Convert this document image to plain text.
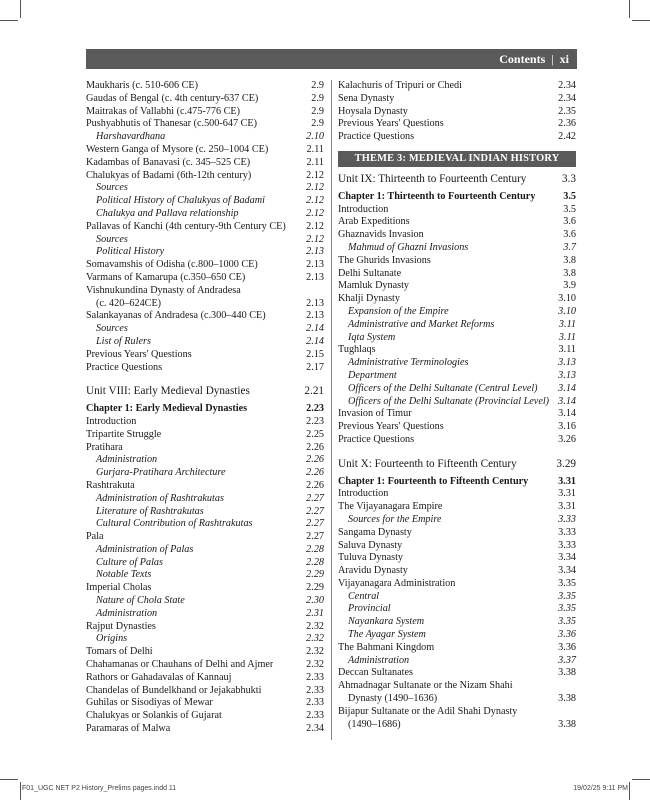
Contents | xi
Maukharis (c. 510-606 CE)	2.9
Gaudas of Bengal (c. 4th century-637 CE)	2.9
Maitrakas of Vallabhi (c.475-776 CE)	2.9
Pushyabhutis of Thanesar (c.500-647 CE)	2.9
Harshavardhana	2.10
Western Ganga of Mysore (c. 250–1004 CE)	2.11
Kadambas of Banavasi (c. 345–525 CE)	2.11
Chalukyas of Badami (6th-12th century)	2.12
Sources	2.12
Political History of Chalukyas of Badami	2.12
Chalukya and Pallava relationship	2.12
Pallavas of Kanchi (4th century-9th Century CE)	2.12
Sources	2.12
Political History	2.13
Somavamshis of Odisha (c.800–1000 CE)	2.13
Varmans of Kamarupa (c.350–650 CE)	2.13
Vishnukundina Dynasty of Andradesa
(c. 420–624CE)	2.13
Salankayanas of Andradesa (c.300–440 CE)	2.13
Sources	2.14
List of Rulers	2.14
Previous Years' Questions	2.15
Practice Questions	2.17
Unit VIII: Early Medieval Dynasties	2.21
Chapter 1: Early Medieval Dynasties	2.23
Introduction	2.23
Tripartite Struggle	2.25
Pratihara	2.26
Administration	2.26
Gurjara-Pratihara Architecture	2.26
Rashtrakuta	2.26
Administration of Rashtrakutas	2.27
Literature of Rashtrakutas	2.27
Cultural Contribution of Rashtrakutas	2.27
Pala	2.27
Administration of Palas	2.28
Culture of Palas	2.28
Notable Texts	2.29
Imperial Cholas	2.29
Nature of Chola State	2.30
Administration	2.31
Rajput Dynasties	2.32
Origins	2.32
Tomars of Delhi	2.32
Chahamanas or Chauhans of Delhi and Ajmer	2.32
Rathors or Gahadavalas of Kannauj	2.33
Chandelas of Bundelkhand or Jejakabhukti	2.33
Guhilas or Sisodiyas of Mewar	2.33
Chalukyas or Solankis of Gujarat	2.33
Paramaras of Malwa	2.34
Kalachuris of Tripuri or Chedi	2.34
Sena Dynasty	2.34
Hoysala Dynasty	2.35
Previous Years' Questions	2.36
Practice Questions	2.42
THEME 3: MEDIEVAL INDIAN HISTORY
Unit IX: Thirteenth to Fourteenth Century	3.3
Chapter 1: Thirteenth to Fourteenth Century	3.5
Introduction	3.5
Arab Expeditions	3.6
Ghaznavids Invasion	3.6
Mahmud of Ghazni Invasions	3.7
The Ghurids Invasions	3.8
Delhi Sultanate	3.8
Mamluk Dynasty	3.9
Khalji Dynasty	3.10
Expansion of the Empire	3.10
Administrative and Market Reforms	3.11
Iqta System	3.11
Tughlaqs	3.11
Administrative Terminologies	3.13
Department	3.13
Officers of the Delhi Sultanate (Central Level)	3.14
Officers of the Delhi Sultanate (Provincial Level) 3.14
Invasion of Timur	3.14
Previous Years' Questions	3.16
Practice Questions	3.26
Unit X: Fourteenth to Fifteenth Century	3.29
Chapter 1: Fourteenth to Fifteenth Century	3.31
Introduction	3.31
The Vijayanagara Empire	3.31
Sources for the Empire	3.33
Sangama Dynasty	3.33
Saluva Dynasty	3.33
Tuluva Dynasty	3.34
Aravidu Dynasty	3.34
Vijayanagara Administration	3.35
Central	3.35
Provincial	3.35
Nayankara System	3.35
The Ayagar System	3.36
The Bahmani Kingdom	3.36
Administration	3.37
Deccan Sultanates	3.38
Ahmadnagar Sultanate or the Nizam Shahi
Dynasty (1490–1636)	3.38
Bijapur Sultanate or the Adil Shahi Dynasty
(1490–1686)	3.38
F01_UGC NET P2 History_Prelims pages.indd 11	19/02/25 9:11 PM
